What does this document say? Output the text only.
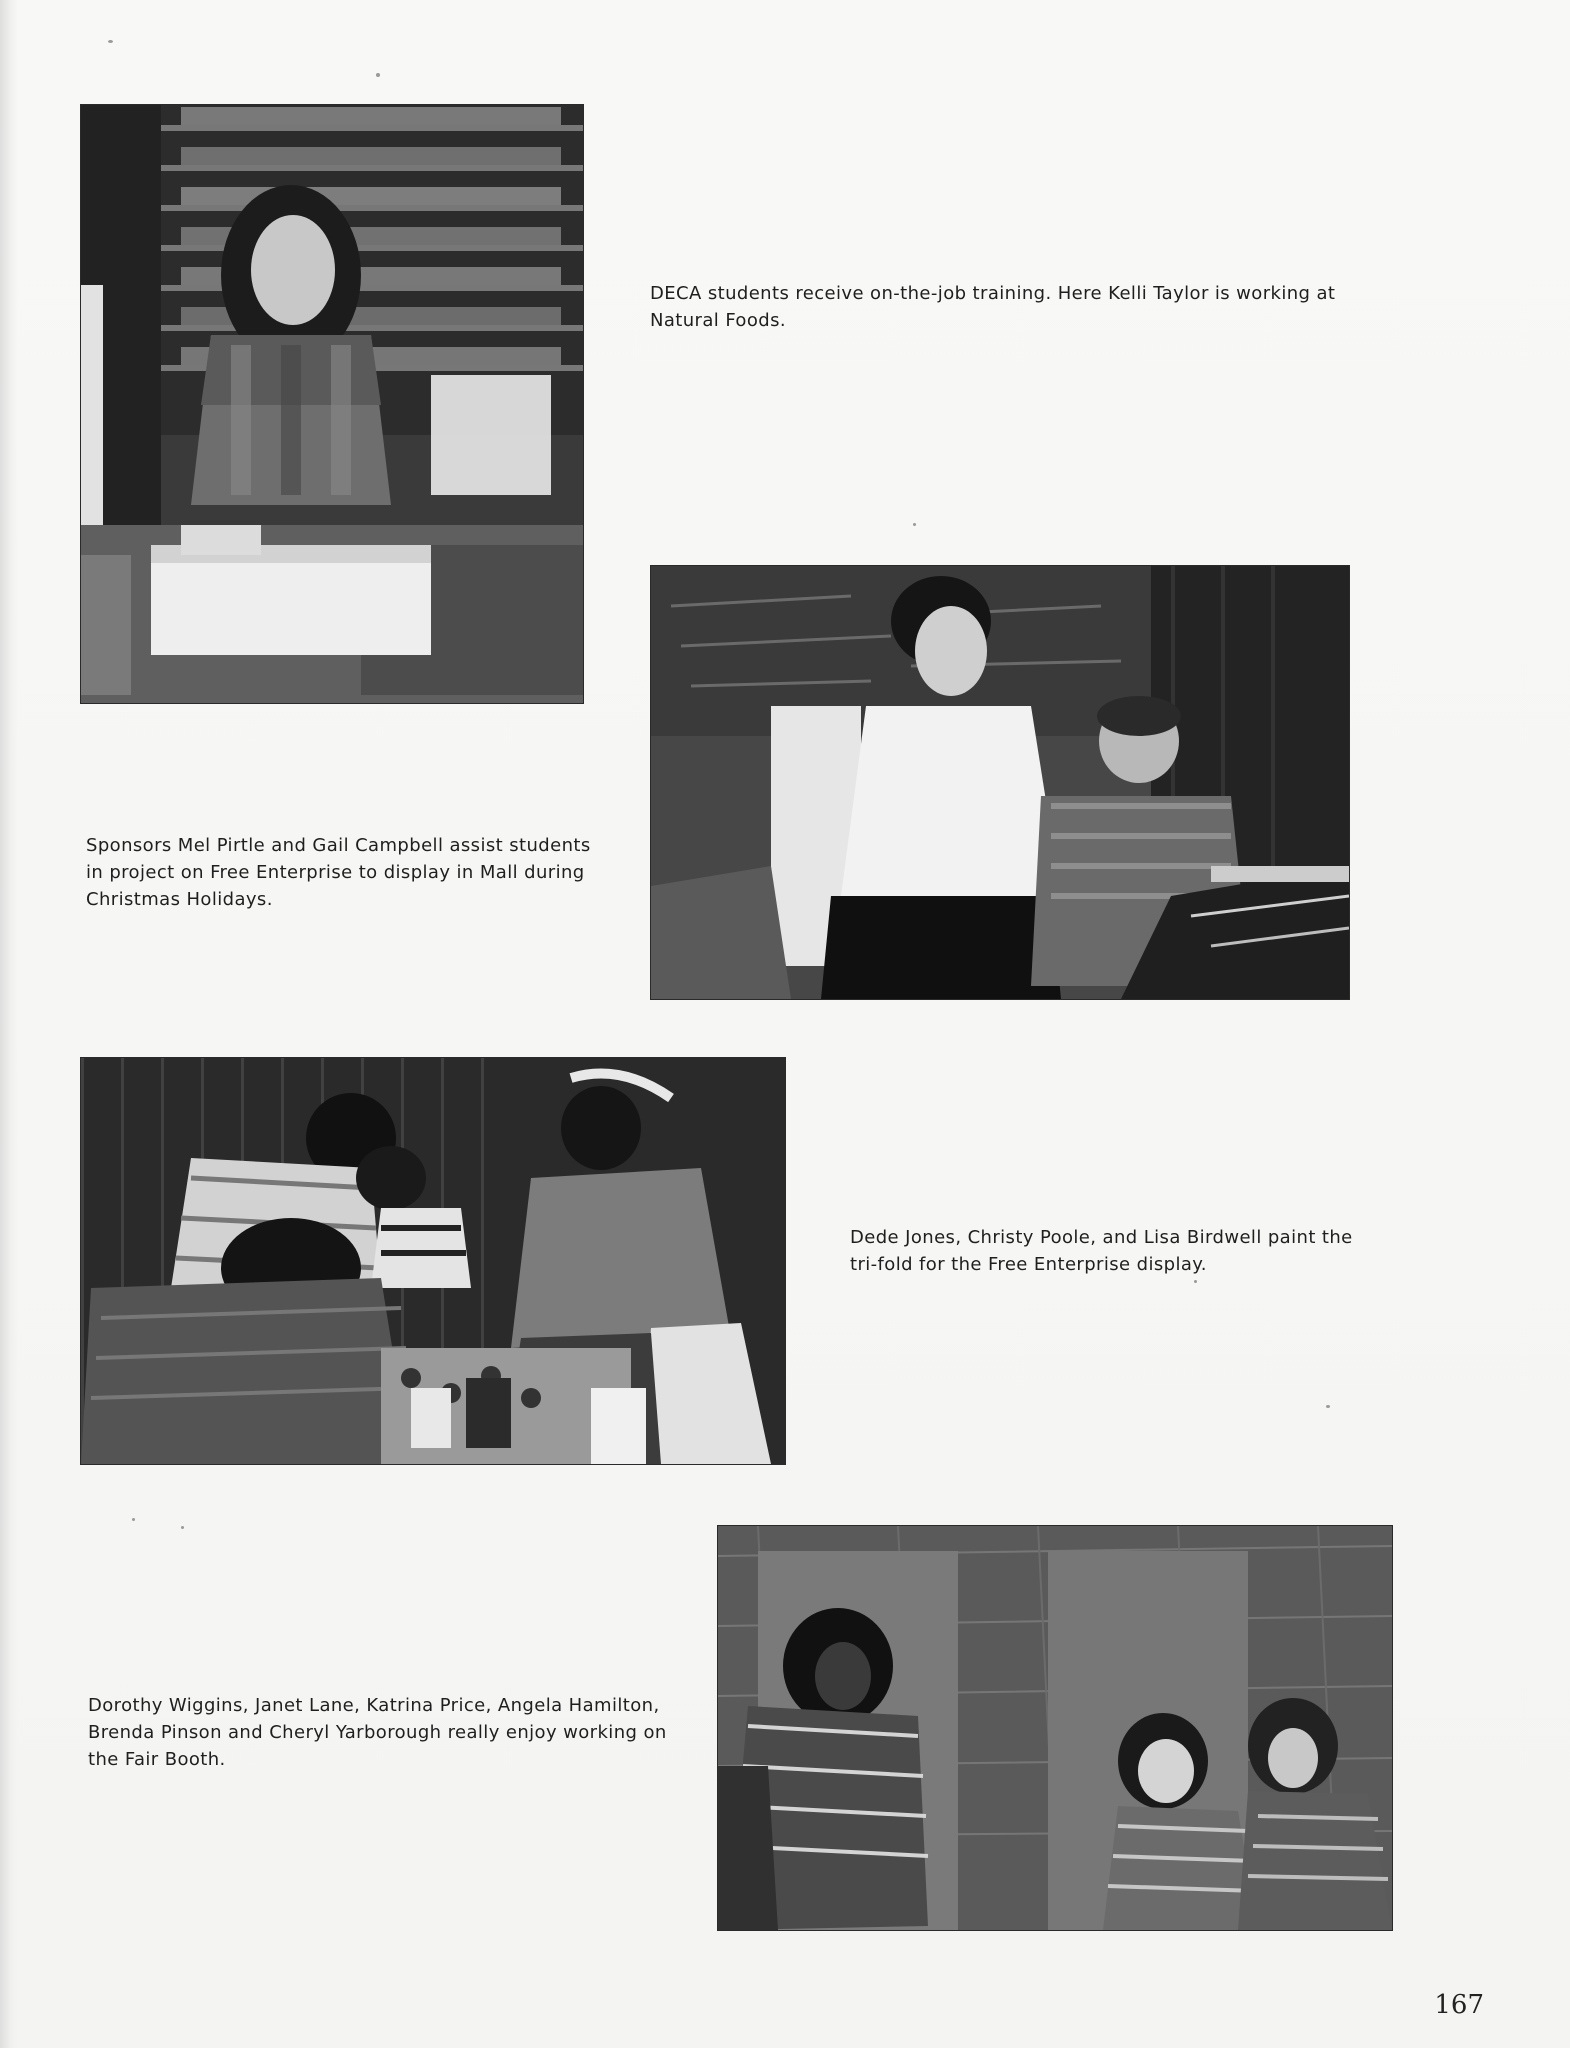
DECA students receive on-the-job training. Here Kelli Taylor is working at Natural Foods.

Sponsors Mel Pirtle and Gail Campbell assist students in project on Free Enterprise to display in Mall during Christmas Holidays.

Dede Jones, Christy Poole, and Lisa Birdwell paint the tri-fold for the Free Enterprise display.

Dorothy Wiggins, Janet Lane, Katrina Price, Angela Hamilton, Brenda Pinson and Cheryl Yarborough really enjoy working on the Fair Booth.

167
